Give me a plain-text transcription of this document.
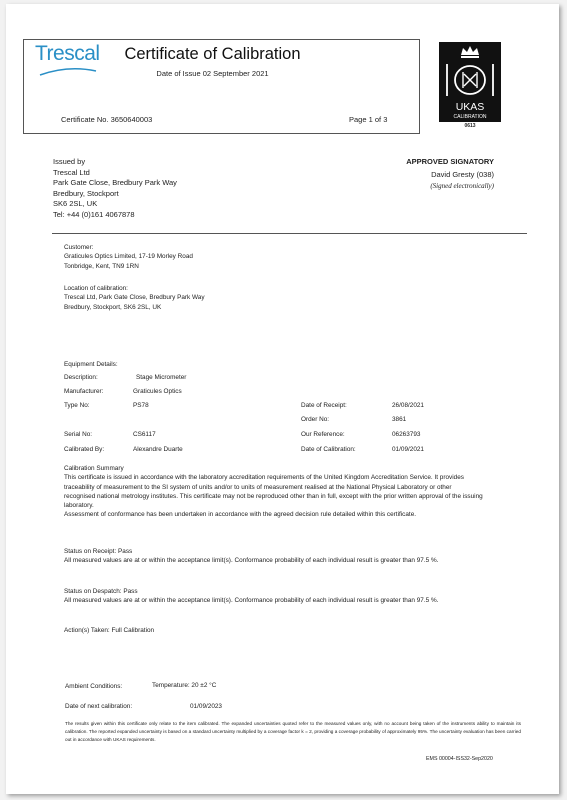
Trescal	Certificate of Calibration
Date of Issue 02 September 2021
Certificate No. 3650640003	Page 1 of 3
UKAS
CALIBRATION
0613
Issued by
Trescal Ltd
Park Gate Close, Bredbury Park Way
Bredbury, Stockport
SK6 2SL, UK
Tel: +44 (0)161 4067878
APPROVED SIGNATORY
David Gresty (038)
(Signed electronically)
Customer:
Graticules Optics Limited, 17-19 Morley Road
Tonbridge, Kent, TN9 1RN
Location of calibration:
Trescal Ltd, Park Gate Close, Bredbury Park Way
Bredbury, Stockport, SK6 2SL, UK
Equipment Details:
Description:	Stage Micrometer
Manufacturer:	Graticules Optics
Type No:	PS78	Date of Receipt:	26/08/2021
Order No:	3861
Serial No:	CS6117	Our Reference:	06263793
Calibrated By:	Alexandre Duarte	Date of Calibration:	01/09/2021
Calibration Summary
This certificate is issued in accordance with the laboratory accreditation requirements of the United Kingdom Accreditation Service. It provides traceability of measurement to the SI system of units and/or to units of measurement realised at the National Physical Laboratory or other recognised national metrology institutes. This certificate may not be reproduced other than in full, except with the prior written approval of the issuing laboratory.
Assessment of conformance has been undertaken in accordance with the agreed decision rule detailed within this certificate.
Status on Receipt: Pass
All measured values are at or within the acceptance limit(s). Conformance probability of each individual result is greater than 97.5 %.
Status on Despatch: Pass
All measured values are at or within the acceptance limit(s). Conformance probability of each individual result is greater than 97.5 %.
Action(s) Taken: Full Calibration
Ambient Conditions:	Temperature: 20 ±2 °C
Date of next calibration:	01/09/2023
The results given within this certificate only relate to the item calibrated. The expanded uncertainties quoted refer to the measured values only, with no account being taken of the instruments ability to maintain its calibration. The reported expanded uncertainty is based on a standard uncertainty multiplied by a coverage factor k = 2, providing a coverage probability of approximately 95%. The uncertainty evaluation has been carried out in accordance with UKAS requirements.
EMS 00004-ISS32-Sep2020
